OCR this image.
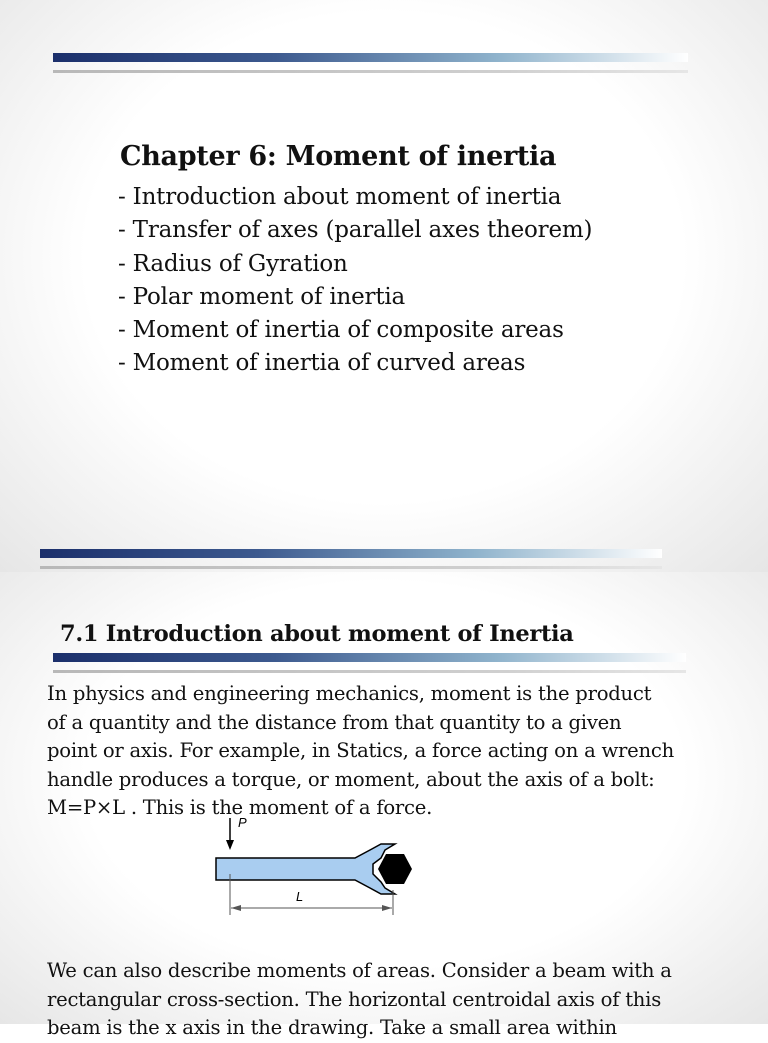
Chapter 6: Moment of inertia
- Introduction about moment of inertia
- Transfer of axes (parallel axes theorem)
- Radius of Gyration
- Polar moment of inertia
- Moment of inertia of composite areas
- Moment of inertia of curved areas
7.1 Introduction about moment of Inertia

In physics and engineering mechanics, moment is the product
of a quantity and the distance from that quantity to a given
point or axis. For example, in Statics, a force acting on a wrench
handle produces a torque, or moment, about the axis of a bolt:
M=P×L . This is the moment of a force.

P
L

We can also describe moments of areas. Consider a beam with a
rectangular cross-section. The horizontal centroidal axis of this
beam is the x axis in the drawing. Take a small area within
